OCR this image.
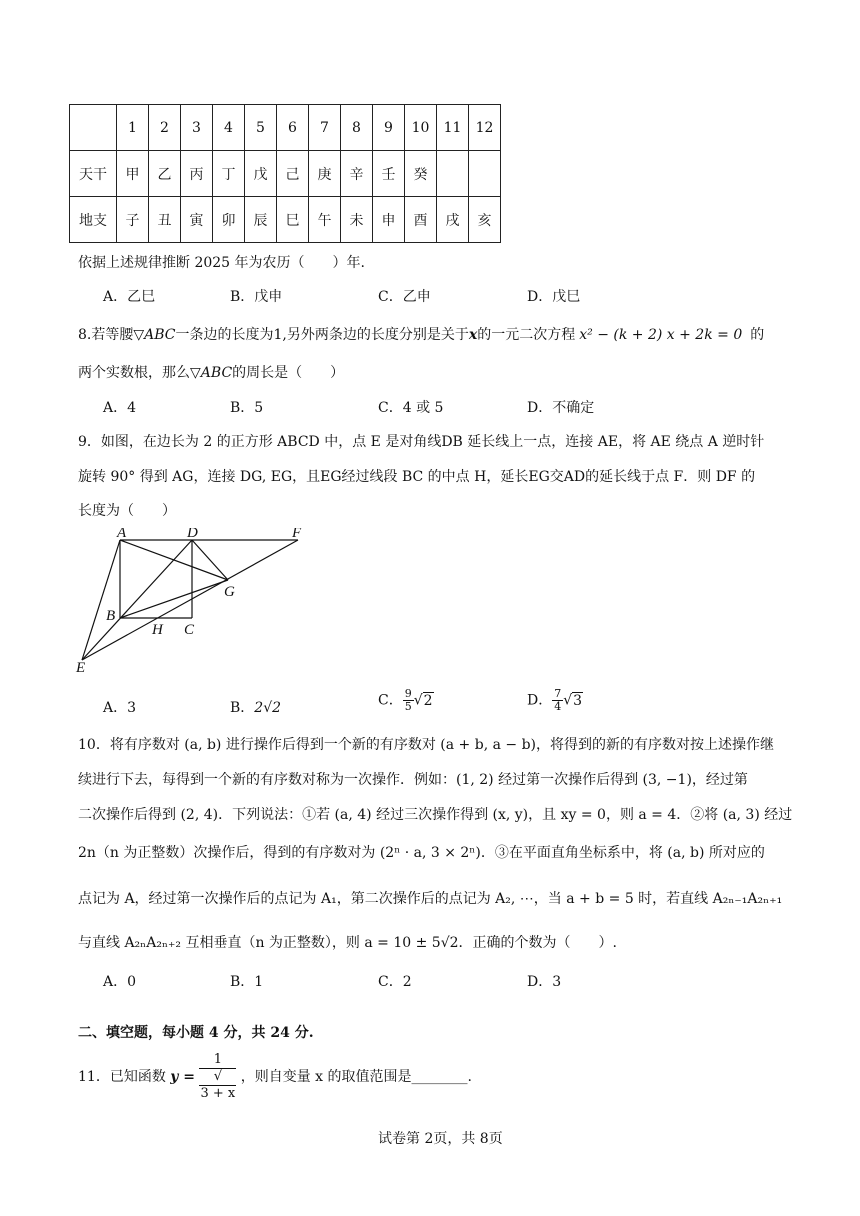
	1	2	3	4	5	6	7	8	9	10	11	12
天干	甲	乙	丙	丁	戊	己	庚	辛	壬	癸		
地支	子	丑	寅	卯	辰	巳	午	未	申	酉	戌	亥
依据上述规律推断 2025 年为农历（　　）年.
A．乙巳	B．戊申	C．乙申	D．戊巳
8.若等腰▽ABC一条边的长度为1,另外两条边的长度分别是关于x的一元二次方程 x² − (k + 2) x + 2k = 0 的
两个实数根，那么▽ABC的周长是（　　）
A．4	B．5	C．4 或 5	D．不确定
9．如图，在边长为 2 的正方形 ABCD 中，点 E 是对角线DB 延长线上一点，连接 AE，将 AE 绕点 A 逆时针
旋转 90° 得到 AG，连接 DG, EG，且EG经过线段 BC 的中点 H，延长EG交AD的延长线于点 F．则 DF 的
长度为（　　）
A	D	F
G
B
H C
E
A．3	B．2√2	C． $\frac{9}{5} √2$	D． $\frac{7}{4} √3$
10．将有序数对 (a, b) 进行操作后得到一个新的有序数对 (a + b, a − b)，将得到的新的有序数对按上述操作继
续进行下去，每得到一个新的有序数对称为一次操作．例如：(1, 2) 经过第一次操作后得到 (3, −1)，经过第
二次操作后得到 (2, 4)．下列说法：①若 (a, 4) 经过三次操作得到 (x, y)，且 xy = 0，则 a = 4．②将 (a, 3) 经过
2n（n 为正整数）次操作后，得到的有序数对为 (2ⁿ · a, 3 × 2ⁿ)．③在平面直角坐标系中，将 (a, b) 所对应的
点记为 A，经过第一次操作后的点记为 A₁，第二次操作后的点记为 A₂, ⋯，当 a + b = 5 时，若直线 A₂ₙ₋₁A₂ₙ₊₁
与直线 A₂ₙA₂ₙ₊₂ 互相垂直（n 为正整数），则 a = 10 ± 5√2．正确的个数为（　　）.
A．0	B．1	C．2	D．3
二、填空题，每小题 4 分，共 24 分.
11．已知函数 y = 1
√
3 + x ，则自变量 x 的取值范围是________.
试卷第 2页，共 8页
